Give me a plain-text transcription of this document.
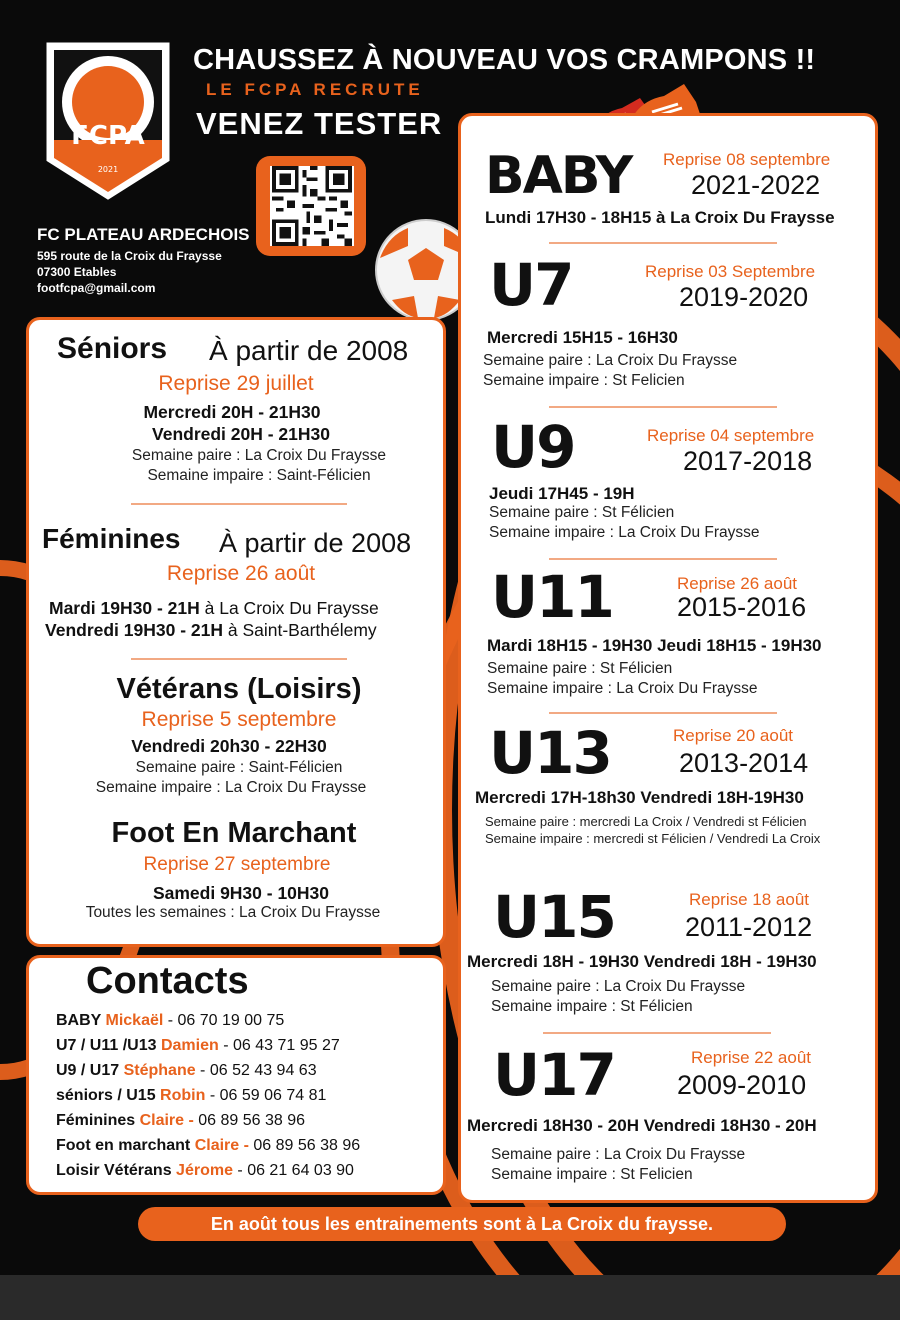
FCPA
2021
CHAUSSEZ À NOUVEAU VOS CRAMPONS !!
LE FCPA RECRUTE
VENEZ TESTER
FC PLATEAU ARDECHOIS
595 route de la Croix du Fraysse
07300 Etables
footfcpa@gmail.com
Séniors À partir de 2008
Reprise 29 juillet
Mercredi 20H - 21H30
Vendredi 20H - 21H30
Semaine paire : La Croix Du Fraysse
Semaine impaire : Saint-Félicien
Féminines À partir de 2008
Reprise 26 août
Mardi 19H30 - 21H à La Croix Du Fraysse
Vendredi 19H30 - 21H à Saint-Barthélemy
Vétérans (Loisirs)
Reprise 5 septembre
Vendredi 20h30 - 22H30
Semaine paire : Saint-Félicien
Semaine impaire : La Croix Du Fraysse
Foot En Marchant
Reprise 27 septembre
Samedi 9H30 - 10H30
Toutes les semaines : La Croix Du Fraysse
Contacts
BABY Mickaël - 06 70 19 00 75
U7 / U11 /U13 Damien - 06 43 71 95 27
U9 / U17 Stéphane - 06 52 43 94 63
séniors / U15 Robin - 06 59 06 74 81
Féminines Claire - 06 89 56 38 96
Foot en marchant Claire - 06 89 56 38 96
Loisir Vétérans Jérome - 06 21 64 03 90
BABY Reprise 08 septembre
2021-2022
Lundi 17H30 - 18H15 à La Croix Du Fraysse
U7	Reprise 03 Septembre
2019-2020
Mercredi 15H15 - 16H30
Semaine paire : La Croix Du Fraysse
Semaine impaire : St Felicien
U9	Reprise 04 septembre
2017-2018
Jeudi 17H45 - 19H
Semaine paire : St Félicien
Semaine impaire : La Croix Du Fraysse
U11	Reprise 26 août
2015-2016
Mardi 18H15 - 19H30 Jeudi 18H15 - 19H30
Semaine paire : St Félicien
Semaine impaire : La Croix Du Fraysse
U13	Reprise 20 août
2013-2014
Mercredi 17H-18h30 Vendredi 18H-19H30
Semaine paire : mercredi La Croix / Vendredi st Félicien
Semaine impaire : mercredi st Félicien / Vendredi La Croix
U15	Reprise 18 août
2011-2012
Mercredi 18H - 19H30 Vendredi 18H - 19H30
Semaine paire : La Croix Du Fraysse
Semaine impaire : St Félicien
U17	Reprise 22 août
2009-2010
Mercredi 18H30 - 20H Vendredi 18H30 - 20H
Semaine paire : La Croix Du Fraysse
Semaine impaire : St Felicien
En août tous les entrainements sont à La Croix du fraysse.
